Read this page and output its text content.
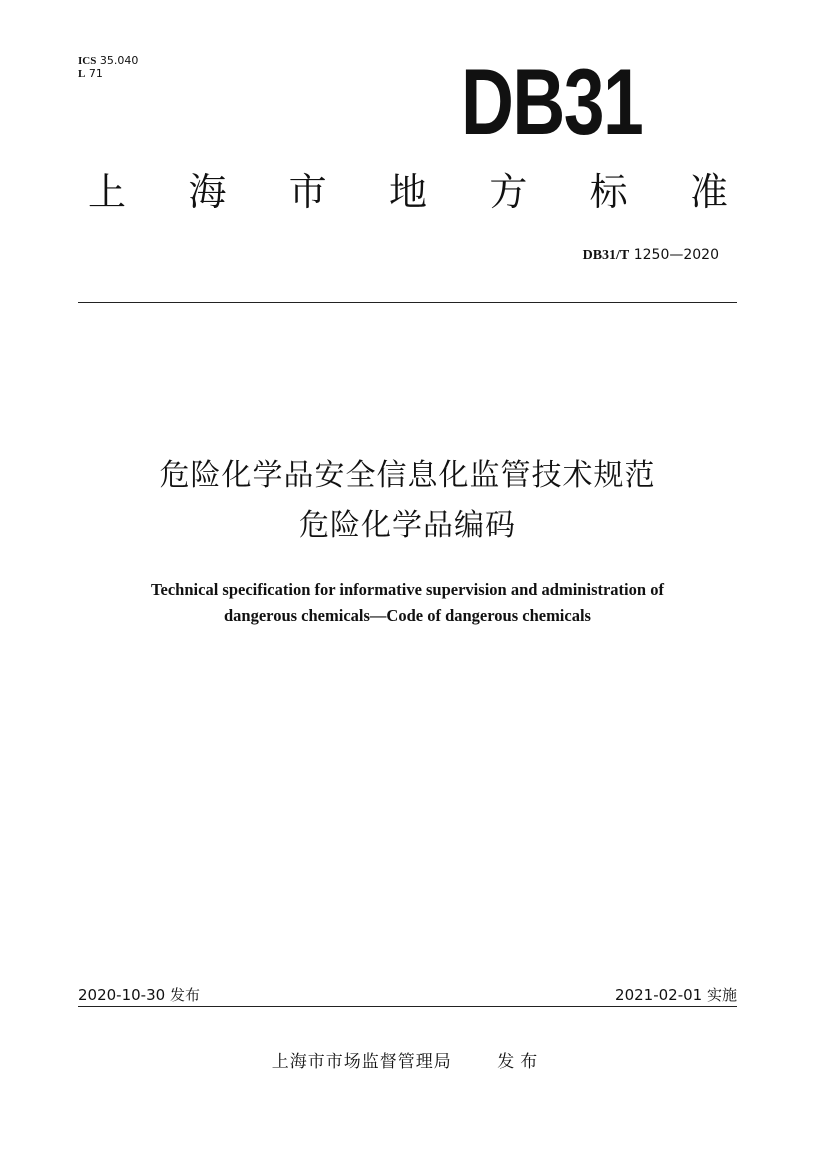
ICS 35.040
L 71	DB31
上 海 市 地 方 标 准
DB31/T 1250—2020
危险化学品安全信息化监管技术规范
危险化学品编码
Technical specification for informative supervision and administration of
dangerous chemicals—Code of dangerous chemicals
2020-10-30 发布	2021-02-01 实施
上海市市场监督管理局	发布
